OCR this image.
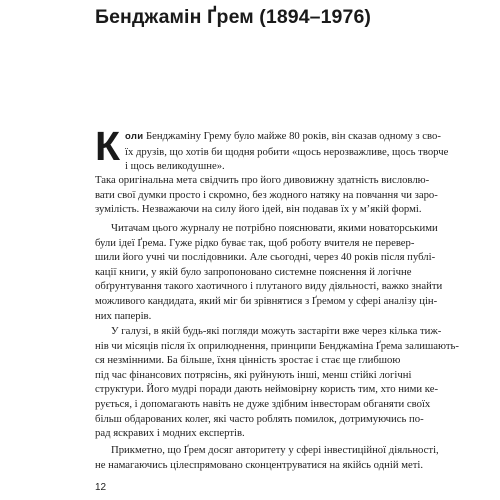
Бенджамін Ґрем (1894–1976)
К оли Бенджаміну Грему було майже 80 років, він сказав одному з сво-
їх друзів, що хотів би щодня робити «щось нерозважливе, щось творче
і щось великодушне».
Така оригінальна мета свідчить про його дивовижну здатність висловлю-
вати свої думки просто і скромно, без жодного натяку на повчання чи заро-
зумілість. Незважаючи на силу його ідей, він подавав їх у м’якій формі.
Читачам цього журналу не потрібно пояснювати, якими новаторськими
були ідеї Ґрема. Гуже рідко буває так, щоб роботу вчителя не перевер-
шили його учні чи послідовники. Але сьогодні, через 40 років після публі-
кації книги, у якій було запропоновано системне пояснення й логічне
обґрунтування такого хаотичного і плутаного виду діяльності, важко знайти
можливого кандидата, який міг би зрівнятися з Ґремом у сфері аналізу цін-
них паперів.
У галузі, в якій будь-які погляди можуть застаріти вже через кілька тиж-
нів чи місяців після їх оприлюднення, принципи Бенджаміна Ґрема залишають-
ся незмінними. Ба більше, їхня цінність зростає і стає ще глибшою
під час фінансових потрясінь, які руйнують інші, менш стійкі логічні
структури. Його мудрі поради дають неймовірну користь тим, хто ними ке-
рується, і допомагають навіть не дуже здібним інвесторам обганяти своїх
більш обдарованих колег, які часто роблять помилок, дотримуючись по-
рад яскравих і модних експертів.
Прикметно, що Ґрем досяг авторитету у сфері інвестиційної діяльності,
не намагаючись цілеспрямовано сконцентруватися на якійсь одній меті.
12
